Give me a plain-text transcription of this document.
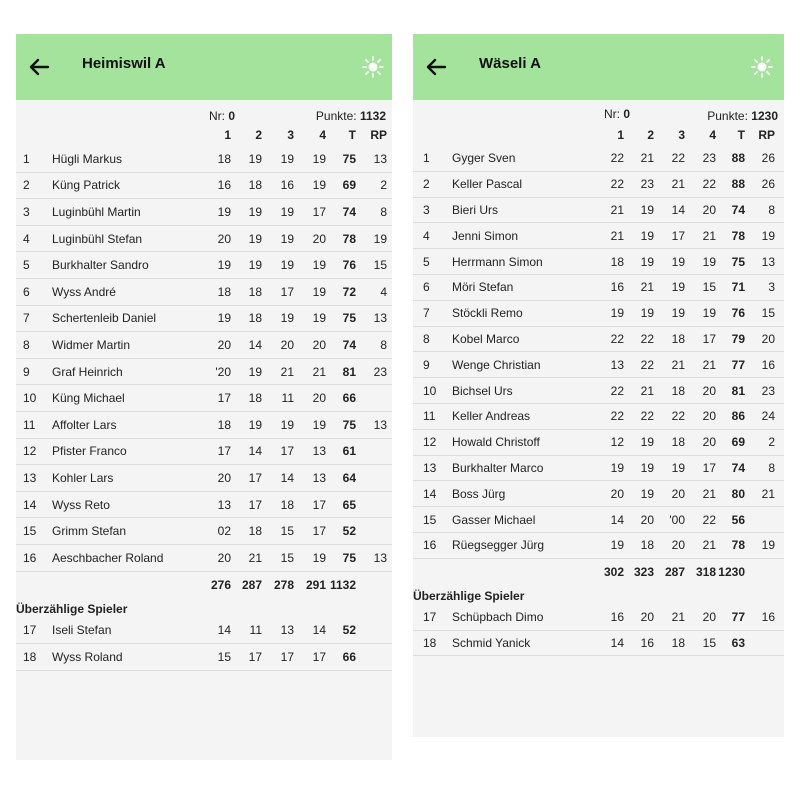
Heimiswil A
Nr: 0	Punkte: 1132
1 2 3 4 T RP
1 Hügli Markus	18 19 19 19 75 13
2 Küng Patrick	16 18 16 19 69 2
3 Luginbühl Martin	19 19 19 17 74 8
4 Luginbühl Stefan	20 19 19 20 78 19
5 Burkhalter Sandro	19 19 19 19 76 15
6 Wyss André	18 18 17 19 72 4
7 Schertenleib Daniel	19 18 19 19 75 13
8 Widmer Martin	20 14 20 20 74 8
9 Graf Heinrich	'20 19 21 21 81 23
10 Küng Michael	17 18 11 20 66
11 Affolter Lars	18 19 19 19 75 13
12 Pfister Franco	17 14 17 13 61
13 Kohler Lars	20 17 14 13 64
14 Wyss Reto	13 17 18 17 65
15 Grimm Stefan	02 18 15 17 52
16 Aeschbacher Roland	20 21 15 19 75 13
276 287 278 291 1132
Überzählige Spieler
17 Iseli Stefan	14 11 13 14 52
18 Wyss Roland	15 17 17 17 66
Wäseli A
Nr: 0	Punkte: 1230
1 2 3 4 T RP
1 Gyger Sven	22 21 22 23 88 26
2 Keller Pascal	22 23 21 22 88 26
3 Bieri Urs	21 19 14 20 74 8
4 Jenni Simon	21 19 17 21 78 19
5 Herrmann Simon	18 19 19 19 75 13
6 Möri Stefan	16 21 19 15 71 3
7 Stöckli Remo	19 19 19 19 76 15
8 Kobel Marco	22 22 18 17 79 20
9 Wenge Christian	13 22 21 21 77 16
10 Bichsel Urs	22 21 18 20 81 23
11 Keller Andreas	22 22 22 20 86 24
12 Howald Christoff	12 19 18 20 69 2
13 Burkhalter Marco	19 19 19 17 74 8
14 Boss Jürg	20 19 20 21 80 21
15 Gasser Michael	14 20 '00 22 56
16 Rüegsegger Jürg	19 18 20 21 78 19
302 323 287 318 1230
Überzählige Spieler
17 Schüpbach Dimo	16 20 21 20 77 16
18 Schmid Yanick	14 16 18 15 63
